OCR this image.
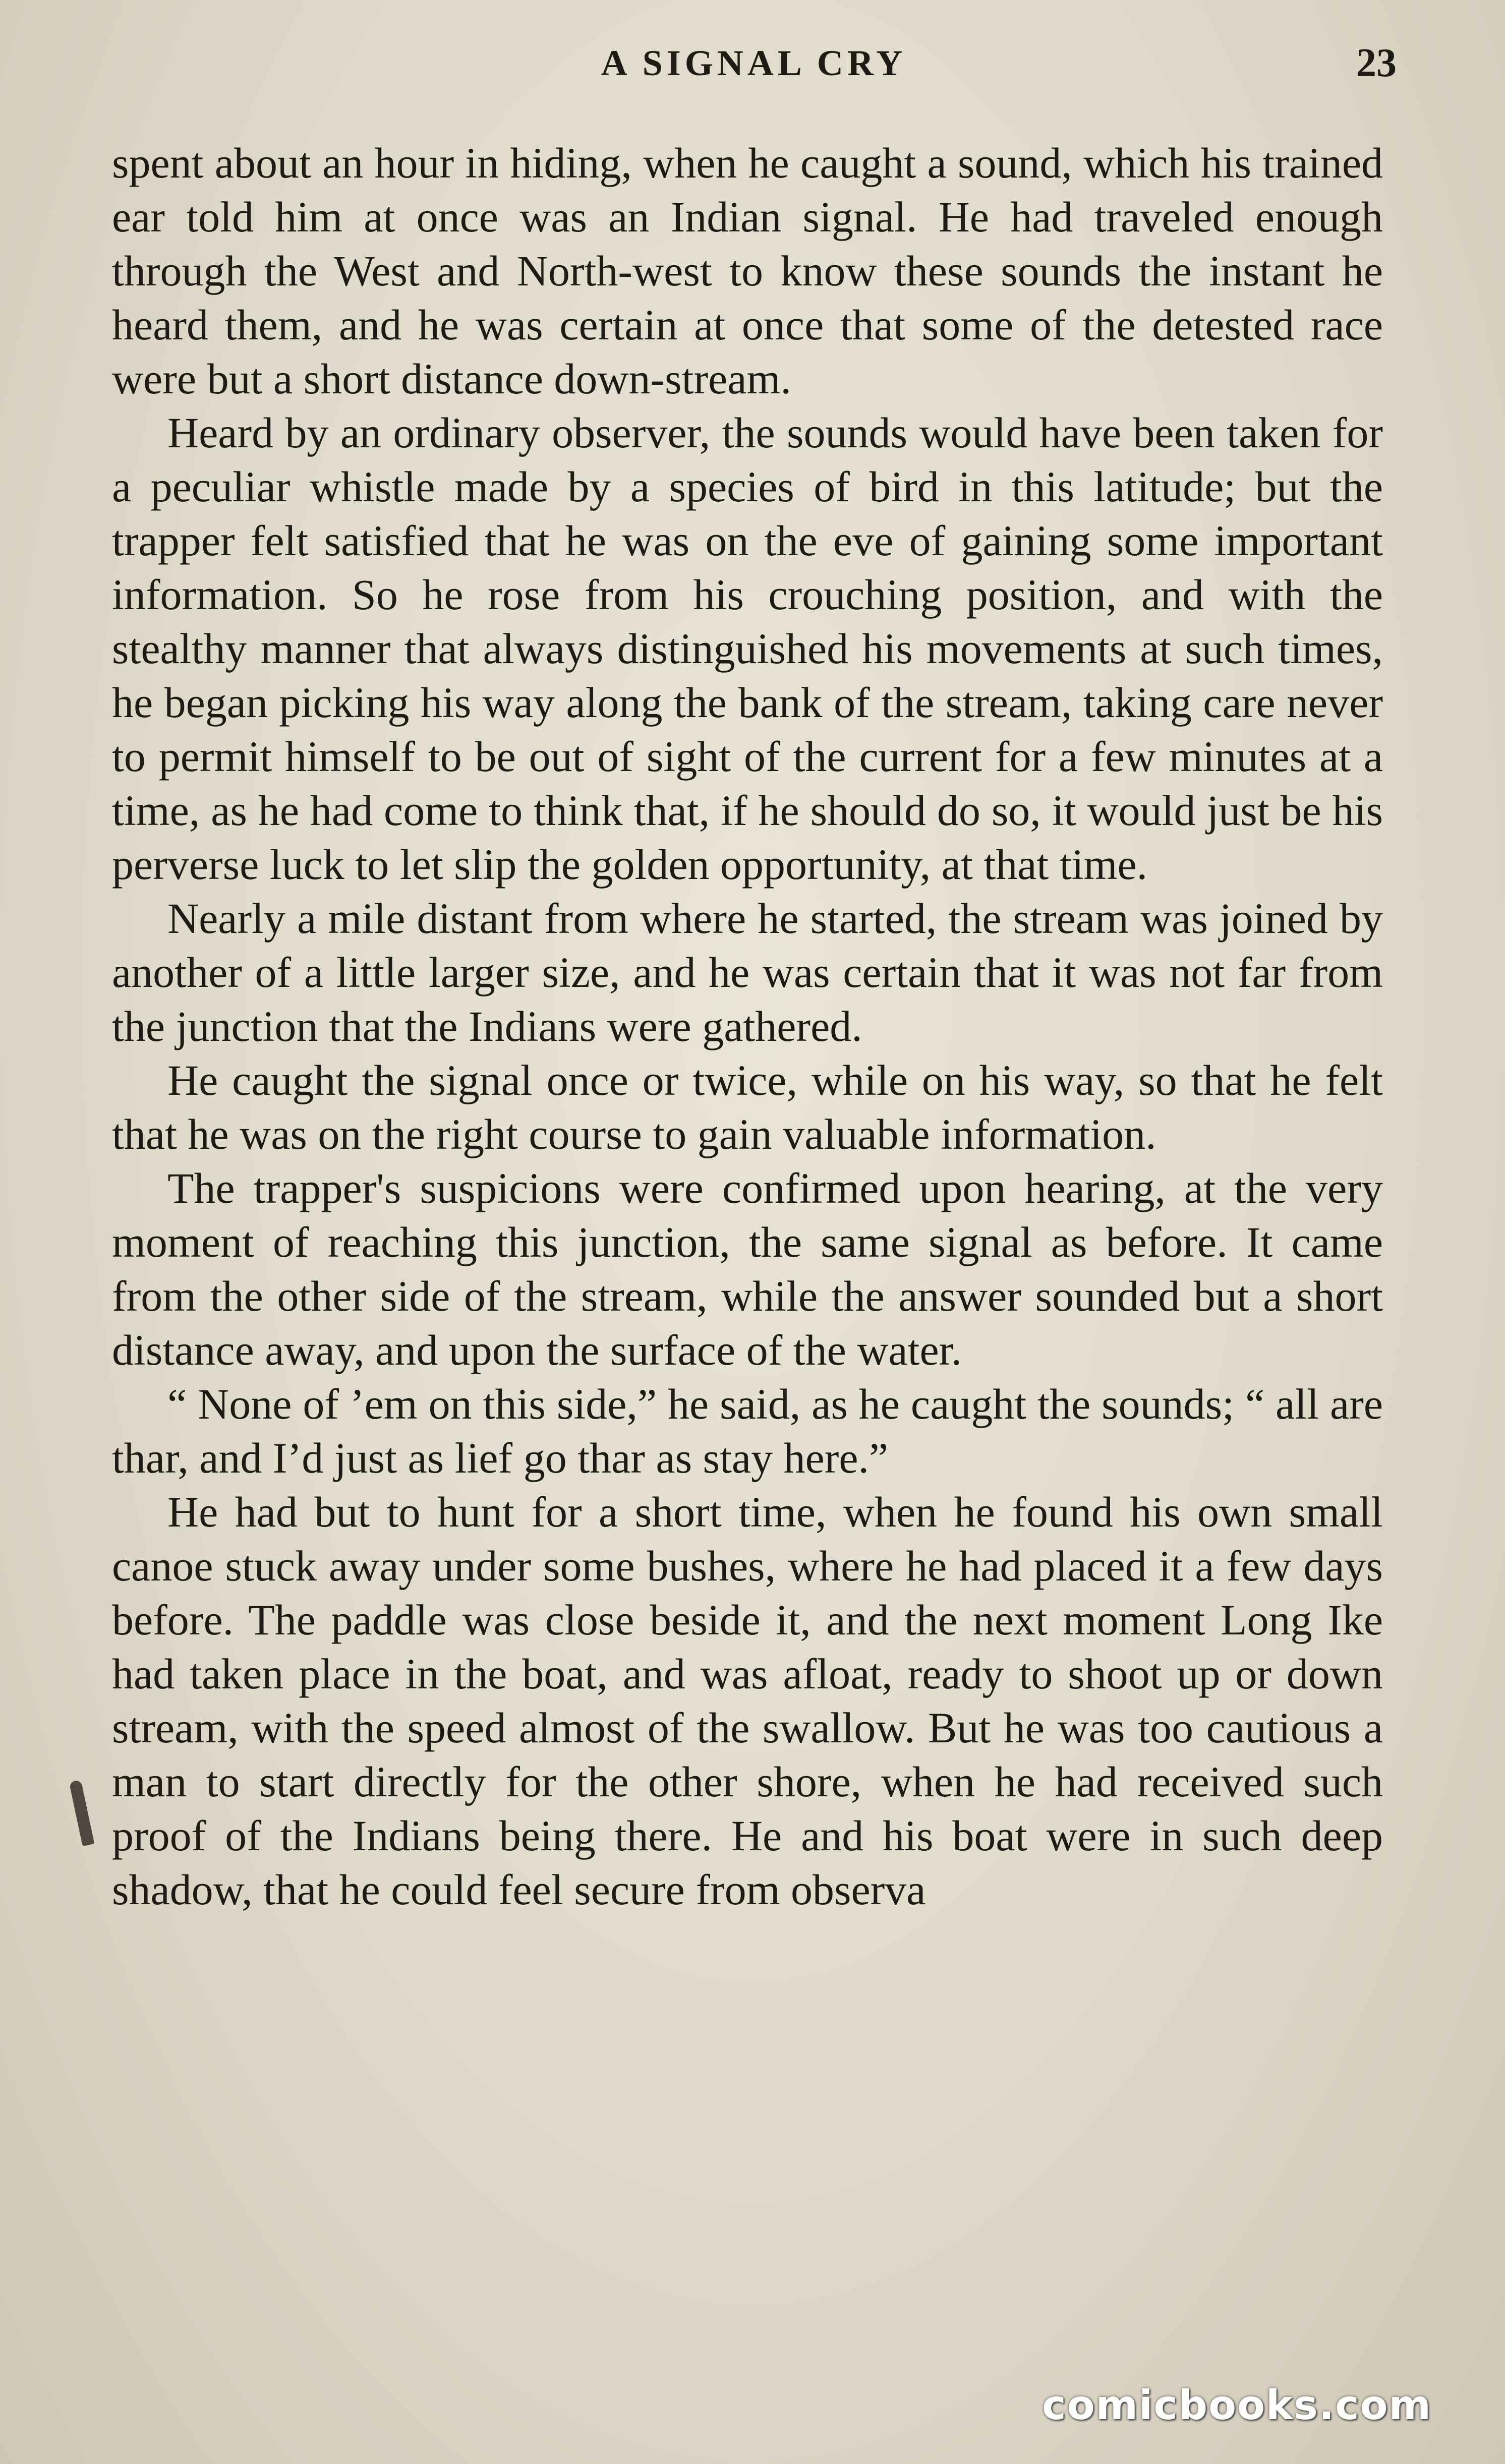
A SIGNAL CRY	23

spent about an hour in hiding, when he caught a sound, which his trained ear told him at once was an Indian signal. He had traveled enough through the West and North-west to know these sounds the instant he heard them, and he was certain at once that some of the detested race were but a short distance down-stream.

Heard by an ordinary observer, the sounds would have been taken for a peculiar whistle made by a species of bird in this latitude; but the trapper felt satisfied that he was on the eve of gaining some important information. So he rose from his crouching position, and with the stealthy manner that always distinguished his movements at such times, he began picking his way along the bank of the stream, taking care never to permit himself to be out of sight of the current for a few minutes at a time, as he had come to think that, if he should do so, it would just be his perverse luck to let slip the golden opportunity, at that time.

Nearly a mile distant from where he started, the stream was joined by another of a little larger size, and he was certain that it was not far from the junction that the Indians were gathered.

He caught the signal once or twice, while on his way, so that he felt that he was on the right course to gain valuable information.

The trapper's suspicions were confirmed upon hearing, at the very moment of reaching this junction, the same signal as before. It came from the other side of the stream, while the answer sounded but a short distance away, and upon the surface of the water.

“ None of ’em on this side,” he said, as he caught the sounds; “ all are thar, and I’d just as lief go thar as stay here.”

He had but to hunt for a short time, when he found his own small canoe stuck away under some bushes, where he had placed it a few days before. The paddle was close beside it, and the next moment Long Ike had taken place in the boat, and was afloat, ready to shoot up or down stream, with the speed almost of the swallow. But he was too cautious a man to start directly for the other shore, when he had received such proof of the Indians being there. He and his boat were in such deep shadow, that he could feel secure from observa

comicbooks.com
